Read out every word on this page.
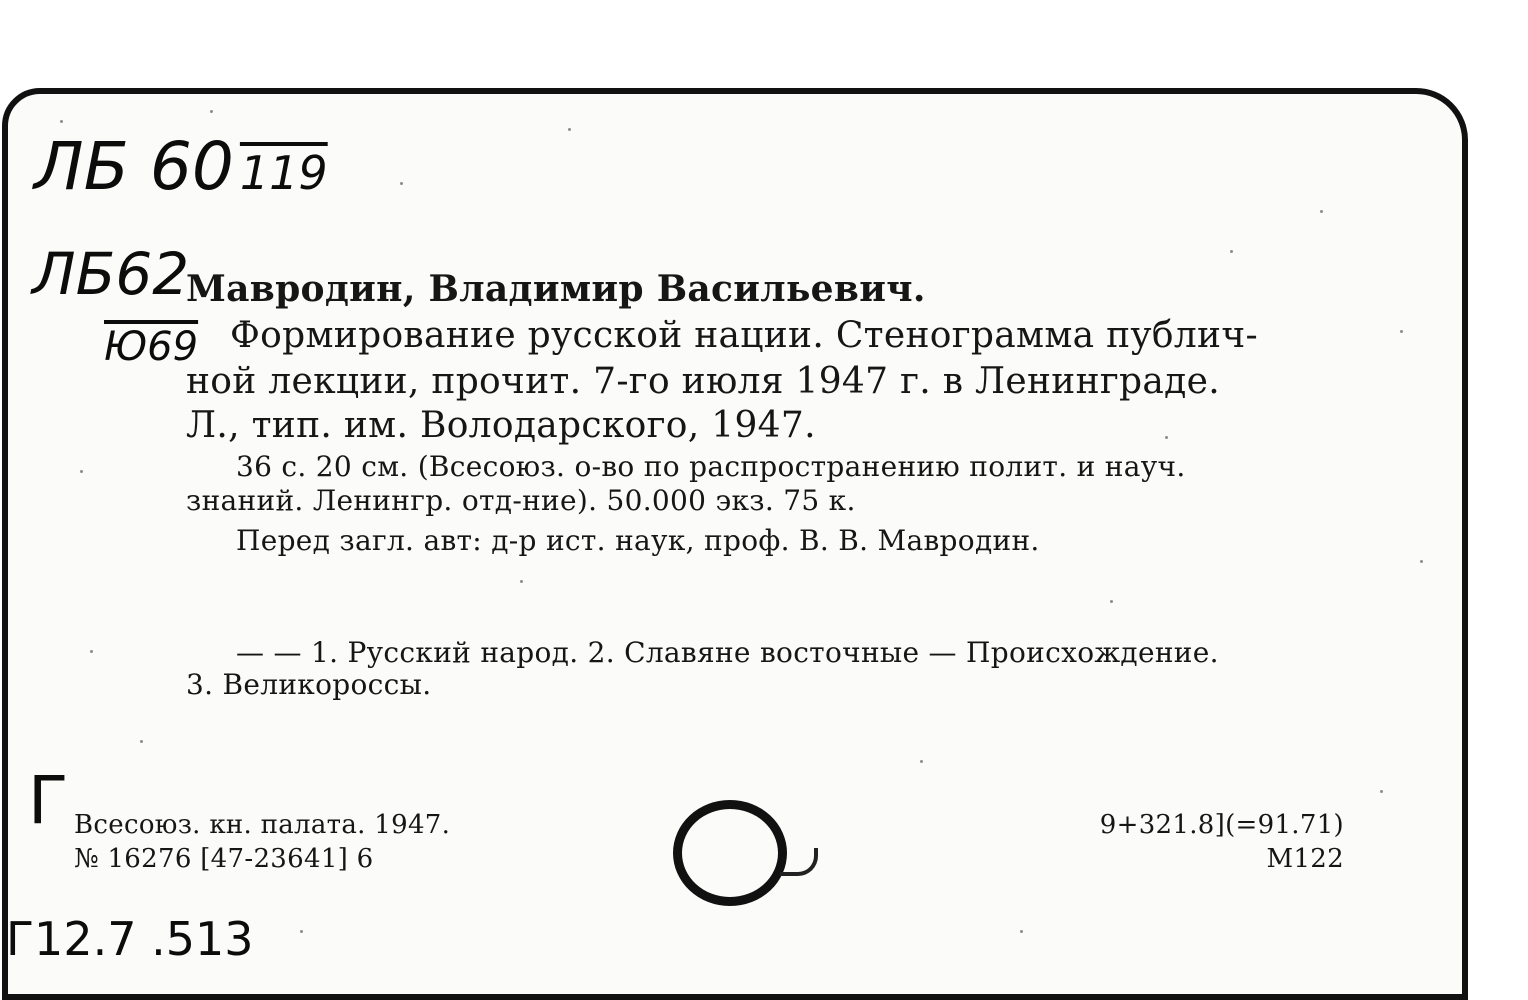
ЛБ 60 119
ЛБ62
Ю69
Г
Г12.7 .513
Мавродин, Владимир Васильевич.
Формирование русской нации. Стенограмма публич-
ной лекции, прочит. 7-го июля 1947 г. в Ленинграде.
Л., тип. им. Володарского, 1947.
36 с. 20 см. (Всесоюз. о-во по распространению полит. и науч.
знаний. Ленингр. отд-ние). 50.000 экз. 75 к.
Перед загл. авт: д-р ист. наук, проф. В. В. Мавродин.
— — 1. Русский народ. 2. Славяне восточные — Происхождение.
3. Великороссы.
Всесоюз. кн. палата. 1947.
№ 16276 [47-23641] 6
9+321.8](=91.71)
М122
